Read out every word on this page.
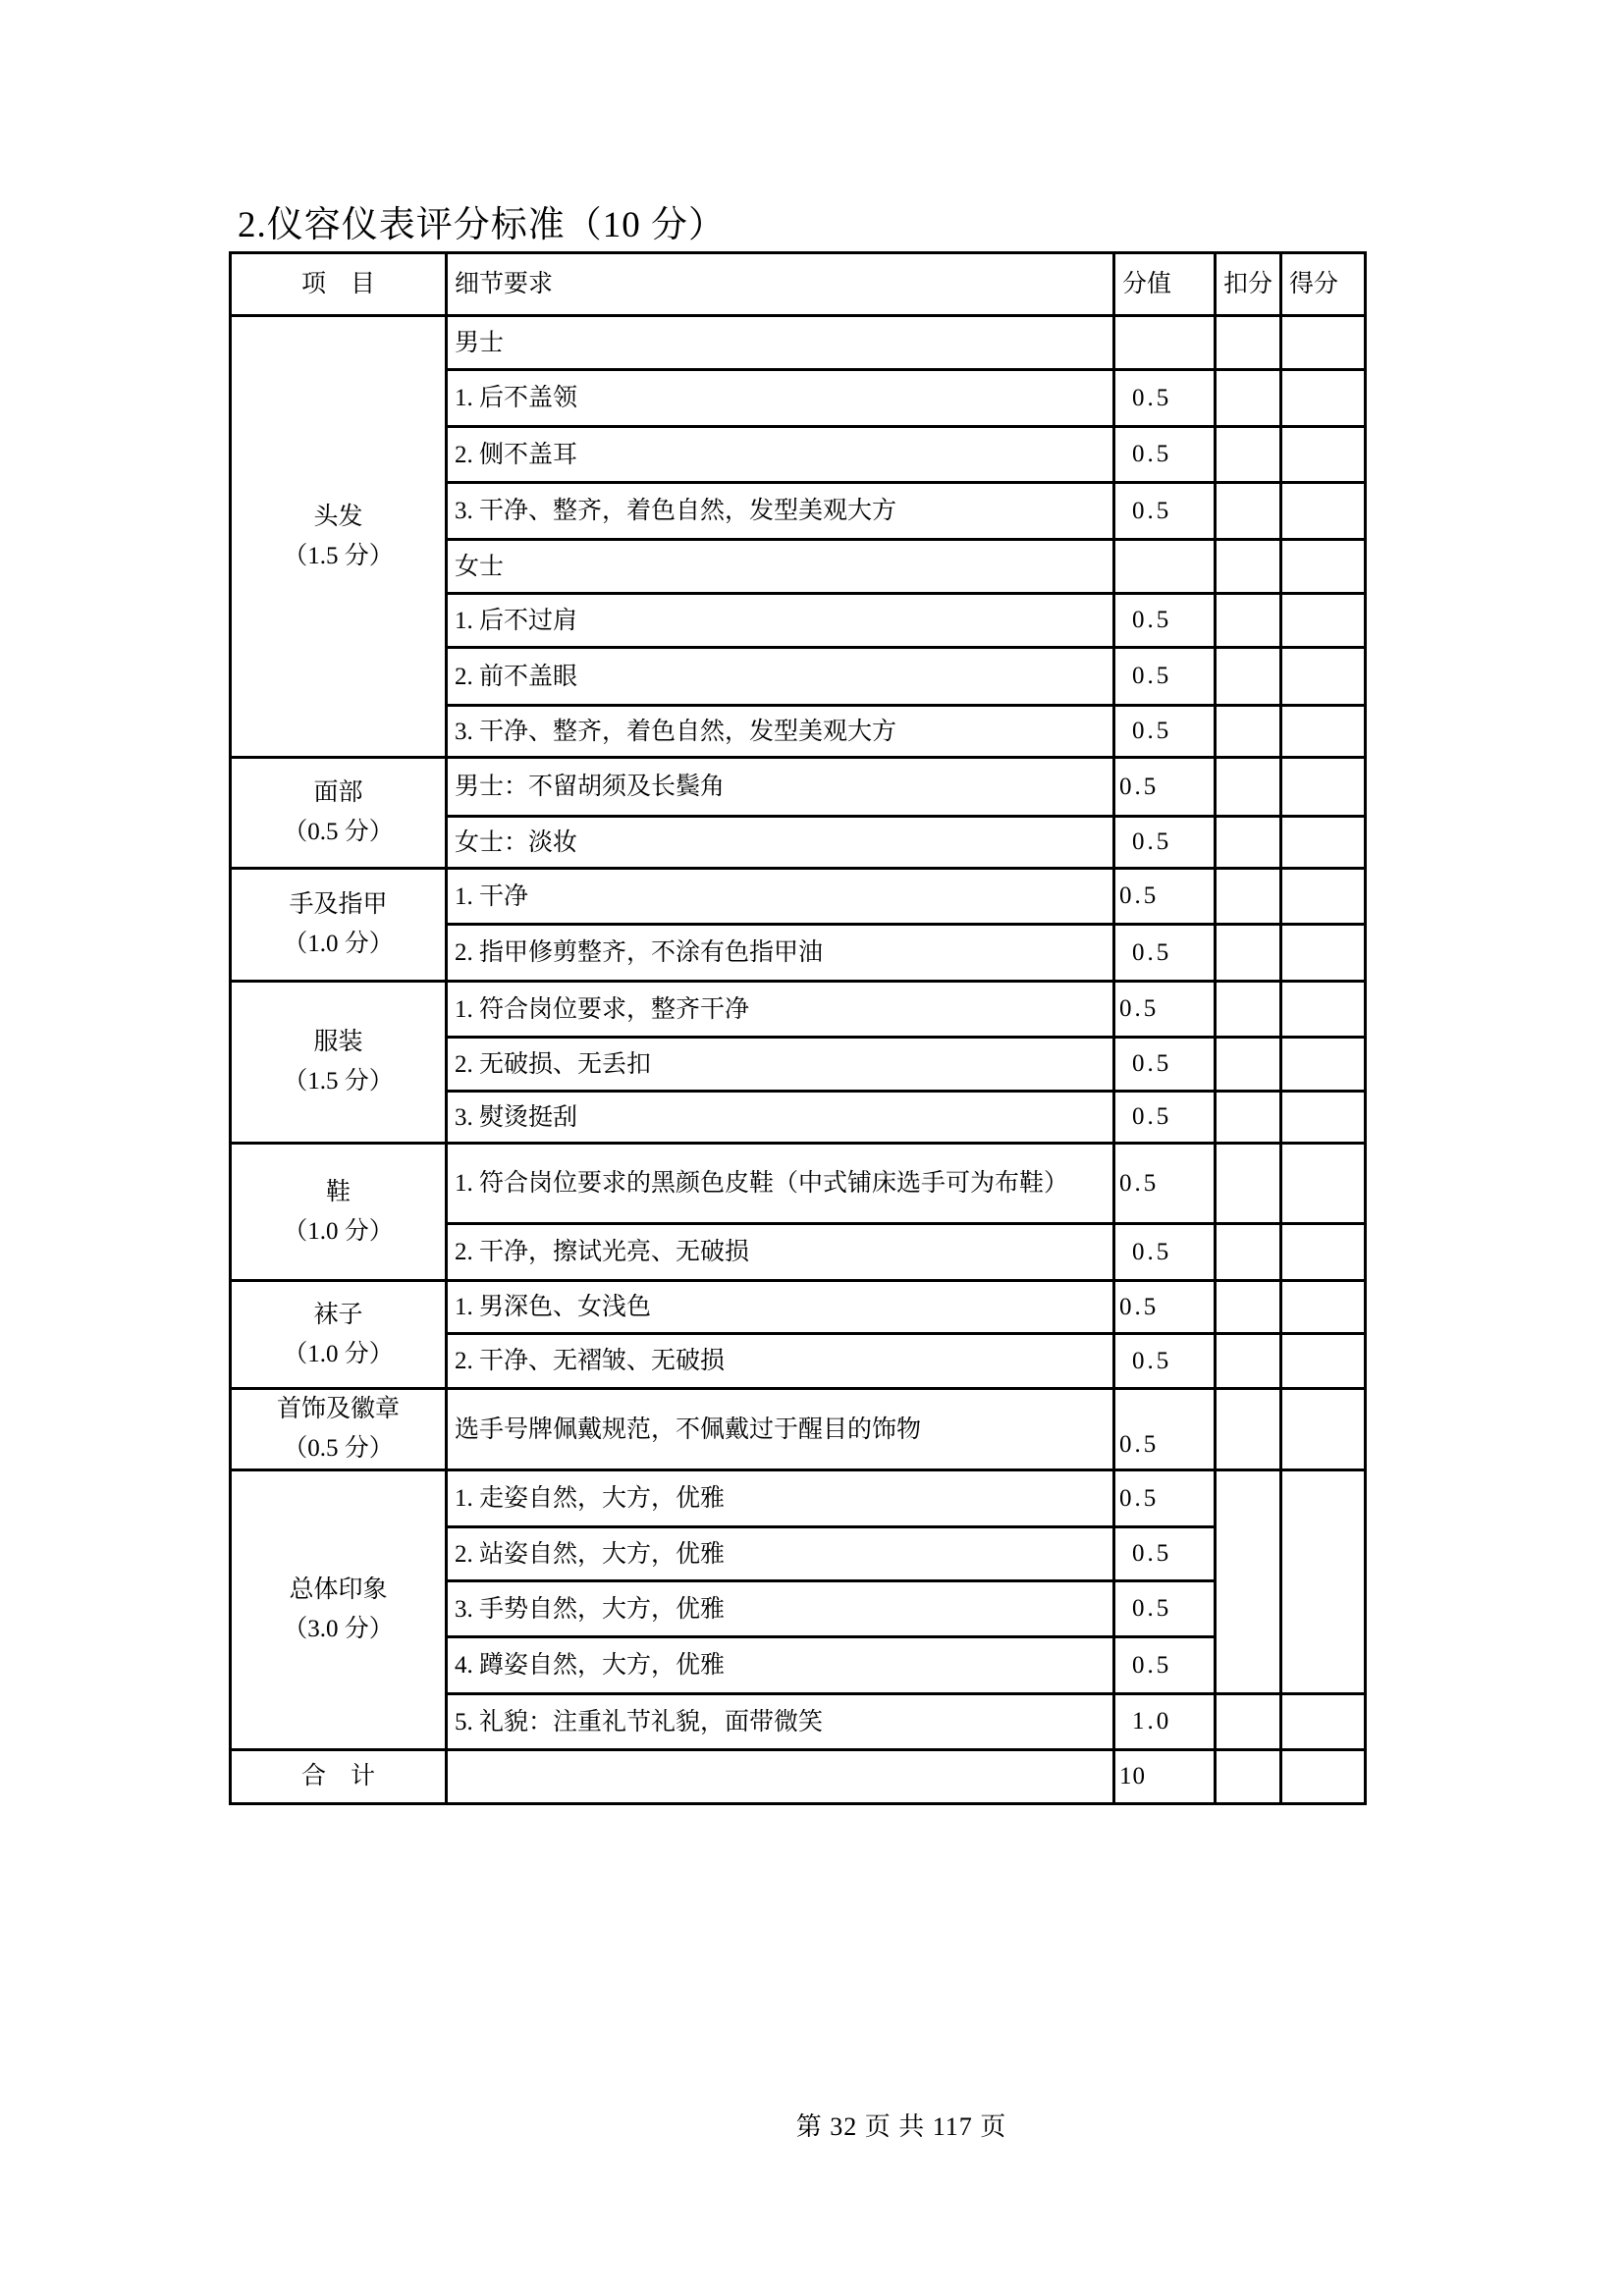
2.仪容仪表评分标准（10 分）
项　目	细节要求	分值	扣分	得分

头发
（1.5 分）	男士			
	1. 后不盖领	0.5		
	2. 侧不盖耳	0.5		
	3. 干净、整齐，着色自然，发型美观大方	0.5		
	女士			
	1. 后不过肩	0.5		
	2. 前不盖眼	0.5		
	3. 干净、整齐，着色自然，发型美观大方	0.5		

面部
（0.5 分）	男士：不留胡须及长鬓角	0.5		
	女士：淡妆	0.5		

手及指甲
（1.0 分）	1. 干净	0.5		
	2. 指甲修剪整齐，不涂有色指甲油	0.5		

服装
（1.5 分）	1. 符合岗位要求，整齐干净	0.5		
	2. 无破损、无丢扣	0.5		
	3. 熨烫挺刮	0.5		

鞋
（1.0 分）	1. 符合岗位要求的黑颜色皮鞋（中式铺床选手可为布鞋）	0.5		
	2. 干净，擦试光亮、无破损	0.5		

袜子
（1.0 分）	1. 男深色、女浅色	0.5		
	2. 干净、无褶皱、无破损	0.5		

首饰及徽章
（0.5 分）	选手号牌佩戴规范，不佩戴过于醒目的饰物	0.5		

总体印象
（3.0 分）	1. 走姿自然，大方，优雅	0.5		
	2. 站姿自然，大方，优雅	0.5		
	3. 手势自然，大方，优雅	0.5		
	4. 蹲姿自然，大方，优雅	0.5		
	5. 礼貌：注重礼节礼貌，面带微笑	1.0		
合　计		10		
第 32 页 共 117 页
